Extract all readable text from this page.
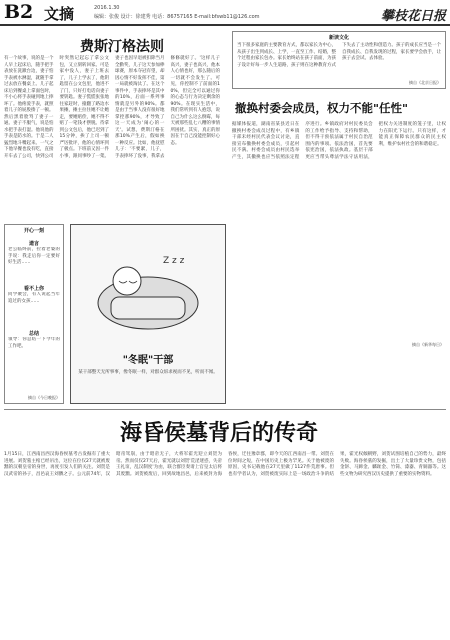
B2 文摘	2016.1.30
编辑：张俊 设计：徐建秀 电话：86757165 E-mail:bfswb11@126.com	攀枝花日报
费斯汀格法则
有一个故事，说的是一个人早上起床后，随手把手表放在洗漱台边，妻子怕手表被水淋湿，就随手拿过去放在餐桌上。儿子起床后到餐桌上拿面包时，不小心将手表碰到地上摔坏了。他疼爱手表，就照着儿子的屁股揍了一顿。然后黑着脸骂了妻子一通。妻子不服气，说是怕水把手表打湿。他说他的手表是防水的。于是二人猛烈地斗嘴起来。一气之下他早餐也没有吃，直接开车去了公司，快到公司时突然记起忘了拿公文包，又立刻转回家。可是家中没人，妻子上班去了，儿子上学去了，他钥匙留在公文包里，他进不了门，只好打电话向妻子要钥匙。妻子慌慌张张地往家赶时，撞翻了路边水果摊，摊主拉住她不让她走，要她赔偿，她不得不赔了一笔钱才摆脱。待拿到公文包后，他已迟到了15分钟，挨了上司一顿严厉批评，他的心情坏到了极点。下班前又因一件小事，跟同事吵了一架。妻子也因早退被扣除当月全勤奖，儿子这天参加棒球赛，原本夺冠有望，却因心情不好发挥不佳，第一局就被淘汰了。在这个事件中，手表摔坏是其中的10%，后面一系列事情就是另外的90%。都是由于当事人没有很好地掌控那90%，才导致了这一天成为'闹心的一天'。试想，费斯汀格在那10%产生后，假如换一种反应。比如，他抚慰儿子：'不要紧，儿子，手表摔坏了没事，我拿去修修就好了。'这样儿子高兴，妻子也高兴，他本人心情也好，那么随后的一切就不会发生了。可见，你控制不了前面的10%，但完全可以通过你的心态与行为决定剩余的90%。在现实生活中，我们常听到有人抱怨，说自己为什么这么倒霉，每天被那些乱七八糟的事情所困扰。其实，真正的原因在于自己没能控制好心态。
新读文化
当下很多家庭的主要教育方式，都以家长为中心，从孩子出生到成长、上学，一直至工作、结婚，整个过程由家长包办。家长始终站在孩子前面，为孩子设计好每一步人生道路，孩子则在这种教育方式下失去了主动性和创造力。孩子的成长应当是一个自我成长、自我发现的过程，家长要学会放手，让孩子去尝试、去体验。
摘自《北京日报》
撤换村委会成员，权力不能"任性"
据媒体报道，湖南省某县近日在撤换村委会成员过程中，有乡镇干部未经村民代表会议讨论，直接宣布撤换村委会成员，引起村民不满。村委会成员由村民选举产生，其撤换也应当依照法定程序进行。乡镇政府对村民委员会的工作给予指导、支持和帮助，但不得干预依法属于村民自治范围内的事项。依法治国，首先要依宪治国，依法执政。基层干部更应当带头尊法学法守法用法，把权力关进制度的笼子里，让权力在阳光下运行。只有这样，才能真正保障农民群众的民主权利，维护农村社会的和谐稳定。
摘自《新华每日》
开心一刻
遗言
老公临终前，拉着老婆的手说：我走后你一定要好好生活……
看不上你
同学聚会，有人说起当年追过的女孩……
总结
领导：你总结一下今年的工作吧。
摘自《今日晚报》
Z z z
"冬眠"干部
某干部整天无所事事，像冬眠一样，对群众诉求视而不见，听而不闻。
海昏侯墓背后的传奇
1月15日，江西南昌西汉海昏侯墓考古发掘有了重大进展。刘贺墓主棺已经吊出，这位在位仅27天就被废黜的汉朝皇帝的身世，再度引发人们的关注。刘贺是汉武帝的孙子，昌邑哀王刘髆之子。公元前74年，汉昭帝驾崩，由于昭帝无子，大将军霍光迎立刘贺为帝。然而仅仅27天后，霍光就以刘贺'荒淫迷惑，失帝王礼谊，乱汉制度'为由，联合群臣奏请上官皇太后将其废黜。刘贺被废后，回到故地昌邑，后来被封为海昏侯，迁往豫章郡，即今天的江西南昌一带。刘贺在位时间之短，在中国历史上极为罕见。关于他被废的原因，史书记载他在27天里做了1127件荒唐事。但也有学者认为，刘贺被废实际上是一场政治斗争的结果，霍光权倾朝野，刘贺试图培植自己的势力，最终失败。海昏侯墓的发掘，出土了大量珍贵文物，包括金饼、马蹄金、麟趾金、竹简、漆器、青铜器等。这些文物为研究西汉历史提供了重要的实物资料。
